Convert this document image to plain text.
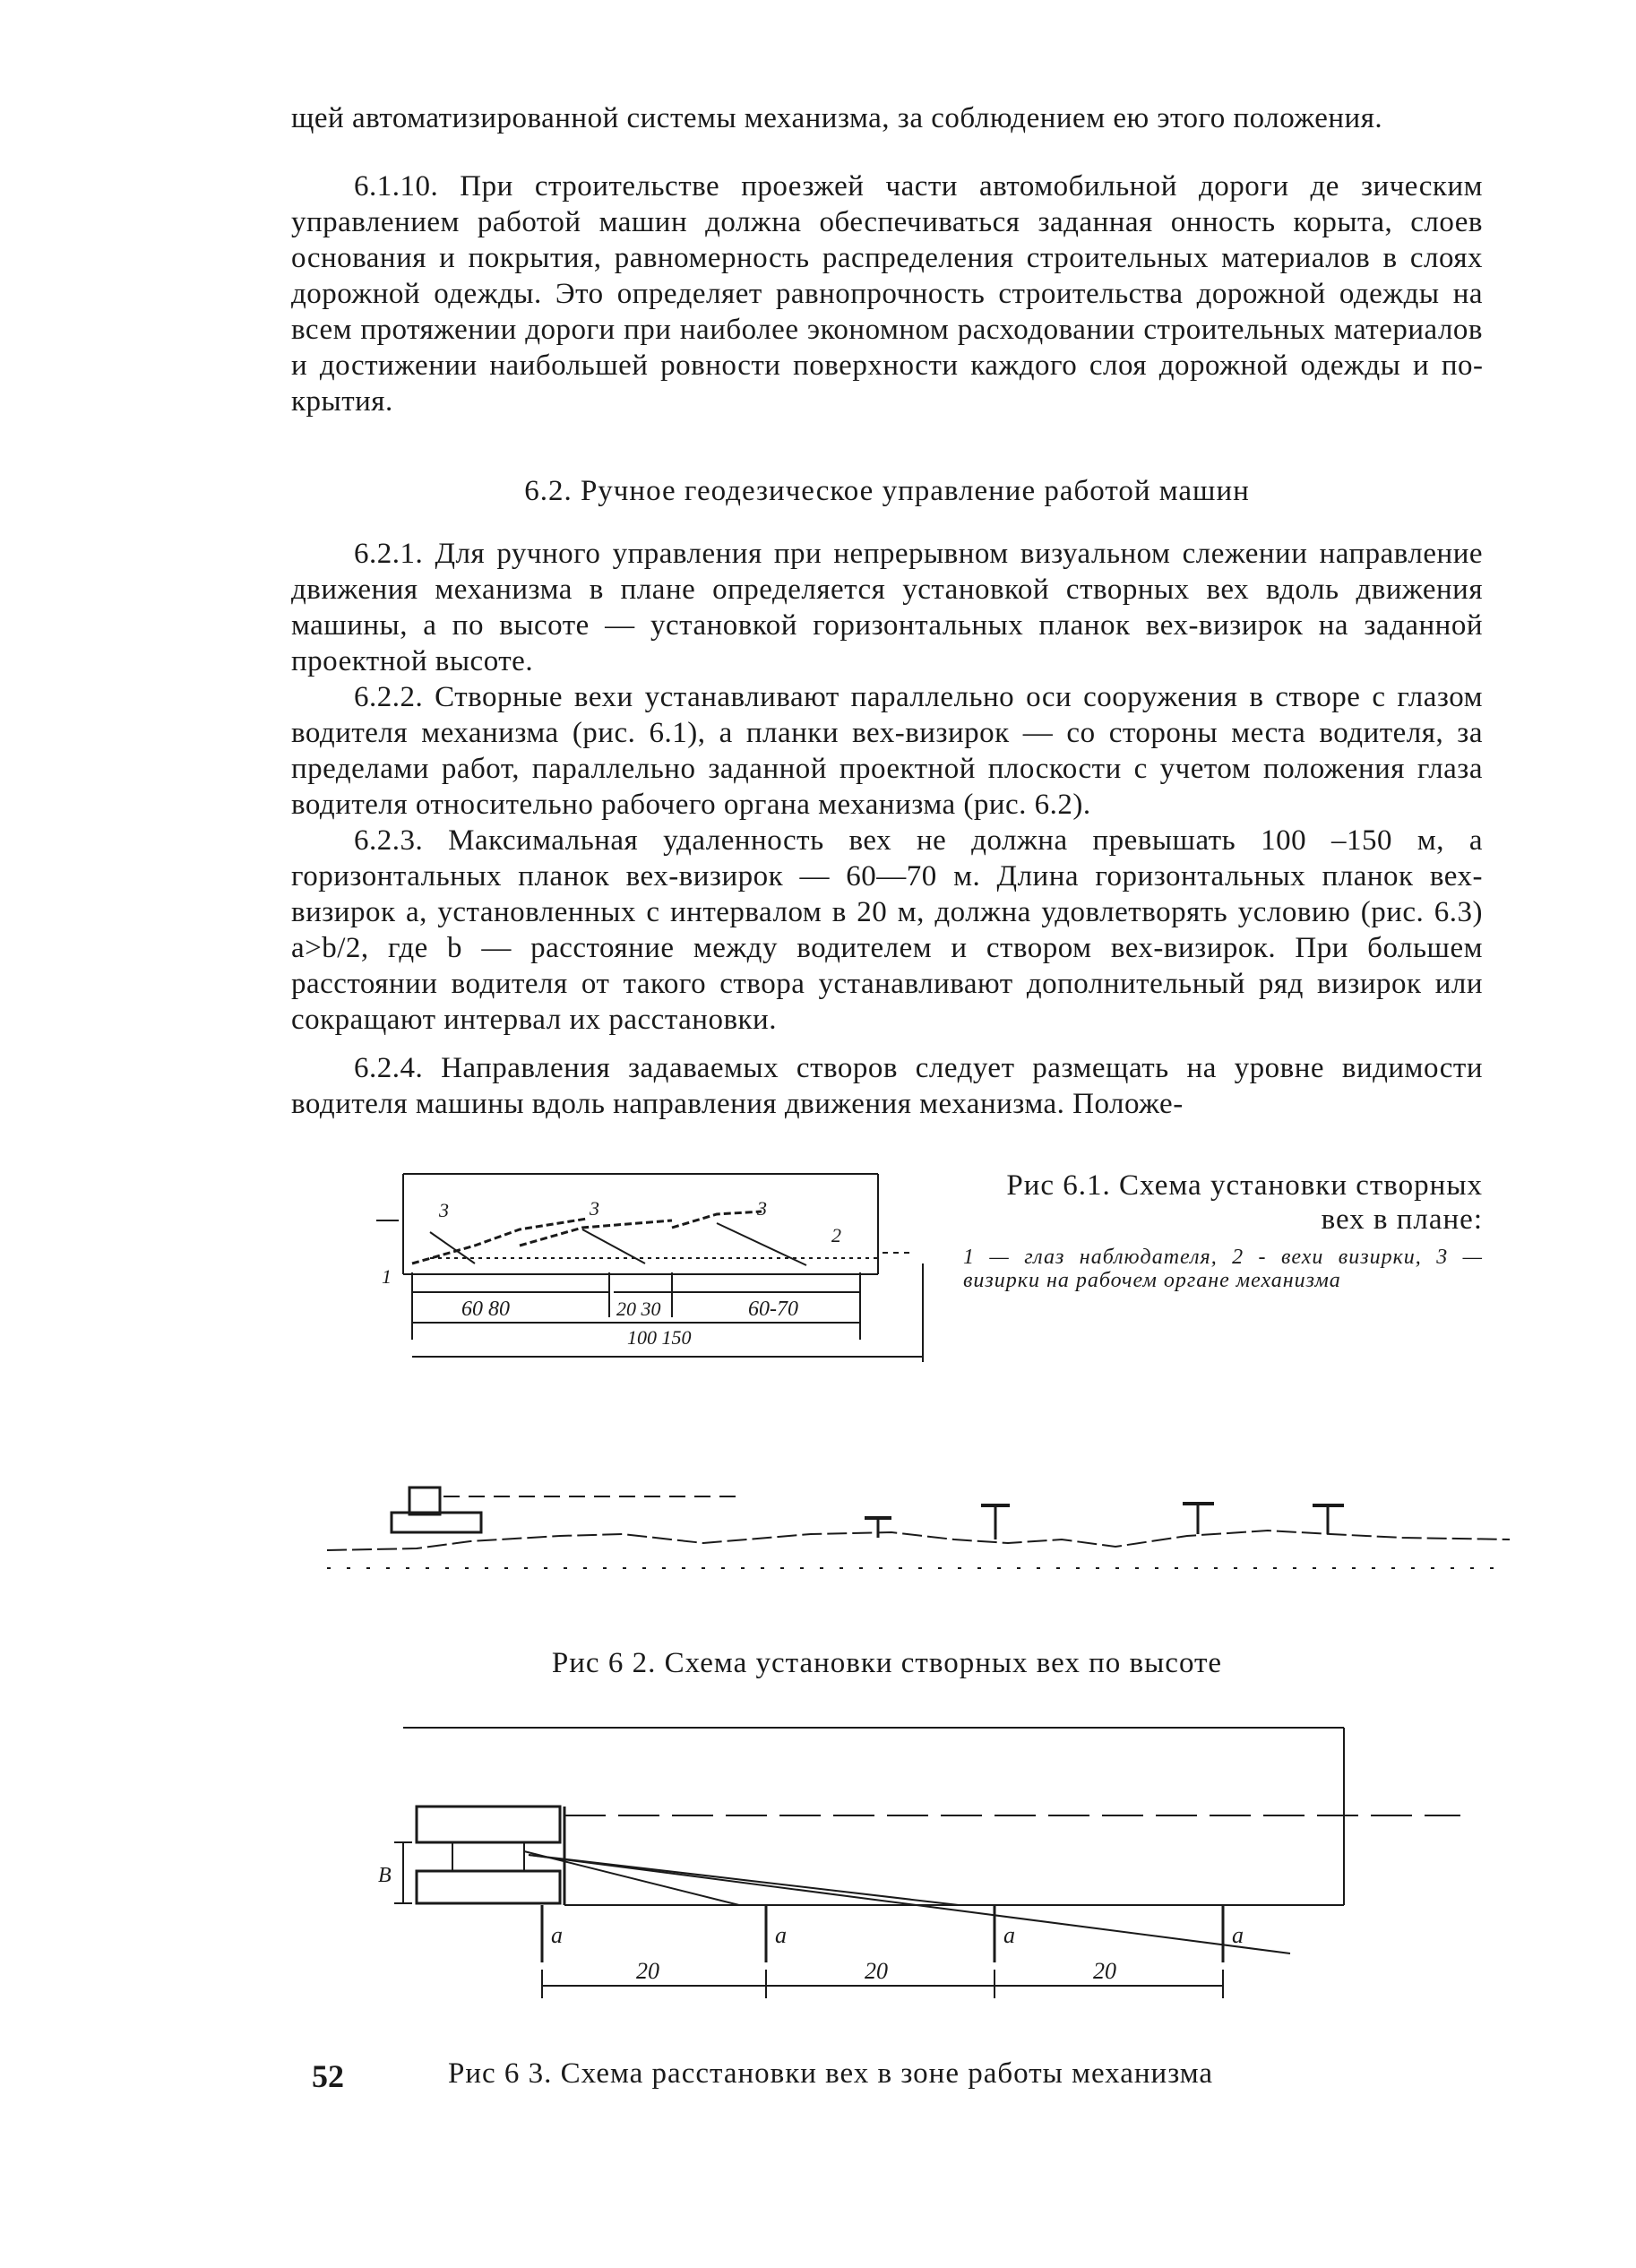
щей автоматизированной системы механизма, за соблюдением ею этого положения.

6.1.10. При строительстве проезжей части автомобильной дороги де зическим управлением работой машин должна обеспечиваться заданная онность корыта, слоев основания и покрытия, равномерность распределения строительных материалов в слоях дорожной одежды. Это определяет равнопрочность строительства дорожной одежды на всем протяжении дороги при наиболее экономном расходовании строительных материалов и достижении наибольшей ровности поверхности каждого слоя дорожной одежды и покрытия.

6.2. Ручное геодезическое управление работой машин

6.2.1. Для ручного управления при непрерывном визуальном слежении направление движения механизма в плане определяется установкой створных вех вдоль движения машины, а по высоте — установкой горизонтальных планок вех-визирок на заданной проектной высоте.

6.2.2. Створные вехи устанавливают параллельно оси сооружения в створе с глазом водителя механизма (рис. 6.1), а планки вех-визирок — со стороны места водителя, за пределами работ, параллельно заданной проектной плоскости с учетом положения глаза водителя относительно рабочего органа механизма (рис. 6.2).

6.2.3. Максимальная удаленность вех не должна превышать 100 –150 м, а горизонтальных планок вех-визирок — 60—70 м. Длина горизонтальных планок вех-визирок a, установленных с интервалом в 20 м, должна удовлетворять условию (рис. 6.3) a>b/2, где b — расстояние между водителем и створом вех-визирок. При большем расстоянии водителя от такого створа устанавливают дополнительный ряд визирок или сокращают интервал их расстановки.

6.2.4. Направления задаваемых створов следует размещать на уровне видимости водителя машины вдоль направления движения механизма. Положе-

3	3	3
2
1
60 80	20 30	60-70
100 150

Рис 6.1. Схема установки створных вех в плане:

1 — глаз наблюдателя, 2 - вехи визирки, 3 — визирки на рабочем органе механизма

Рис 6 2. Схема установки створных вех по высоте

B
a	a	a	a
20	20	20

Рис 6 3. Схема расстановки вех в зоне работы механизма

52
